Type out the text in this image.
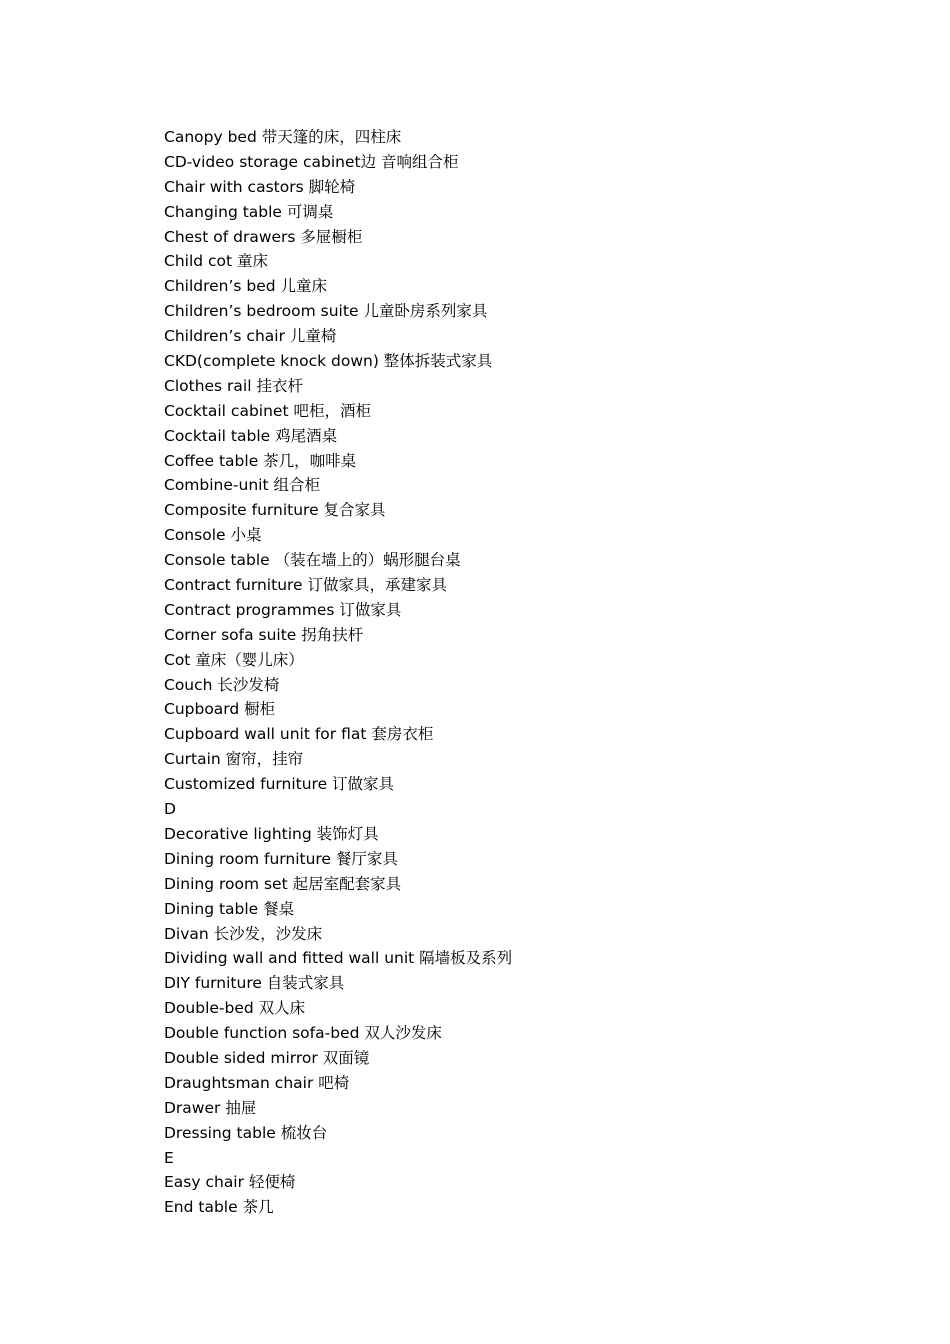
Canopy bed 带天篷的床，四柱床
CD-video storage cabinet边 音响组合柜
Chair with castors 脚轮椅
Changing table 可调桌
Chest of drawers 多屉橱柜
Child cot 童床
Children’s bed 儿童床
Children’s bedroom suite 儿童卧房系列家具
Children’s chair 儿童椅
CKD(complete knock down) 整体拆装式家具
Clothes rail 挂衣杆
Cocktail cabinet 吧柜，酒柜
Cocktail table 鸡尾酒桌
Coffee table 茶几，咖啡桌
Combine-unit 组合柜
Composite furniture 复合家具
Console 小桌
Console table （装在墙上的）蜗形腿台桌
Contract furniture 订做家具，承建家具
Contract programmes 订做家具
Corner sofa suite 拐角扶杆
Cot 童床（婴儿床）
Couch 长沙发椅
Cupboard 橱柜
Cupboard wall unit for flat 套房衣柜
Curtain 窗帘，挂帘
Customized furniture 订做家具
D
Decorative lighting 装饰灯具
Dining room furniture 餐厅家具
Dining room set 起居室配套家具
Dining table 餐桌
Divan 长沙发，沙发床
Dividing wall and fitted wall unit 隔墙板及系列
DIY furniture 自装式家具
Double-bed 双人床
Double function sofa-bed 双人沙发床
Double sided mirror 双面镜
Draughtsman chair 吧椅
Drawer 抽屉
Dressing table 梳妆台
E
Easy chair 轻便椅
End table 茶几
